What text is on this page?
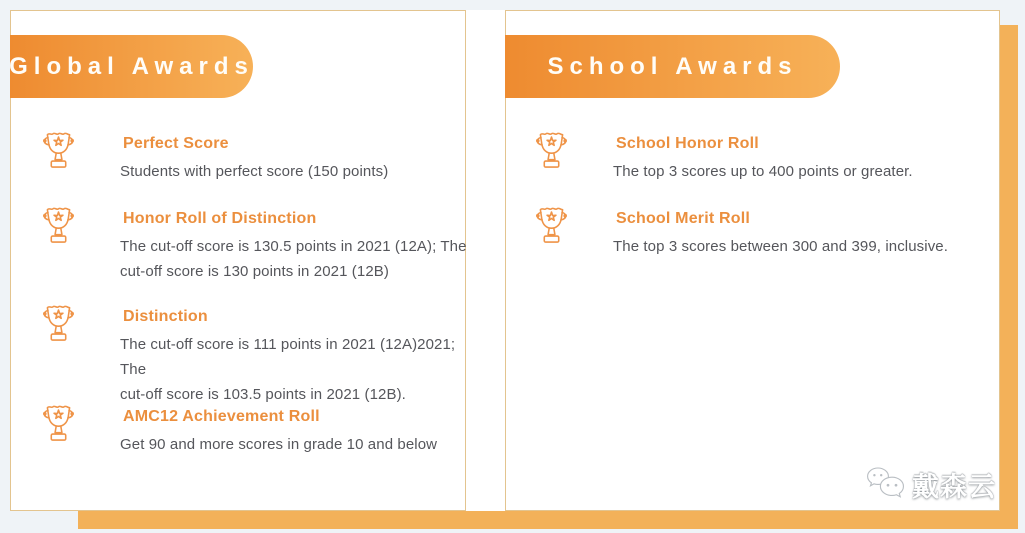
Global Awards	School Awards
Perfect Score
Students with perfect score (150 points)
Honor Roll of Distinction
The cut-off score is 130.5 points in 2021 (12A); The
cut-off score is 130 points in 2021 (12B)
Distinction
The cut-off score is 111 points in 2021 (12A)2021; The
cut-off score is 103.5 points in 2021 (12B).
AMC12 Achievement Roll
Get 90 and more scores in grade 10 and below
School Honor Roll
The top 3 scores up to 400 points or greater.
School Merit Roll
The top 3 scores between 300 and 399, inclusive.
戴森云
